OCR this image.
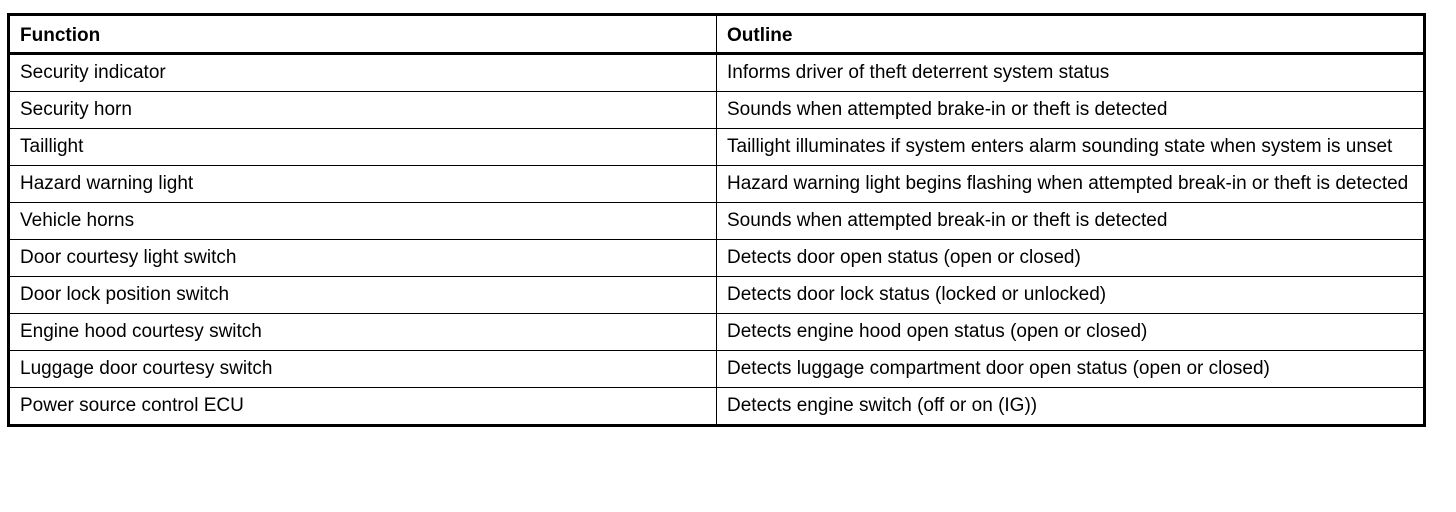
Function	Outline
Security indicator	Informs driver of theft deterrent system status
Security horn	Sounds when attempted brake-in or theft is detected
Taillight	Taillight illuminates if system enters alarm sounding state when system is unset
Hazard warning light	Hazard warning light begins flashing when attempted break-in or theft is detected
Vehicle horns	Sounds when attempted break-in or theft is detected
Door courtesy light switch	Detects door open status (open or closed)
Door lock position switch	Detects door lock status (locked or unlocked)
Engine hood courtesy switch	Detects engine hood open status (open or closed)
Luggage door courtesy switch	Detects luggage compartment door open status (open or closed)
Power source control ECU	Detects engine switch (off or on (IG))
